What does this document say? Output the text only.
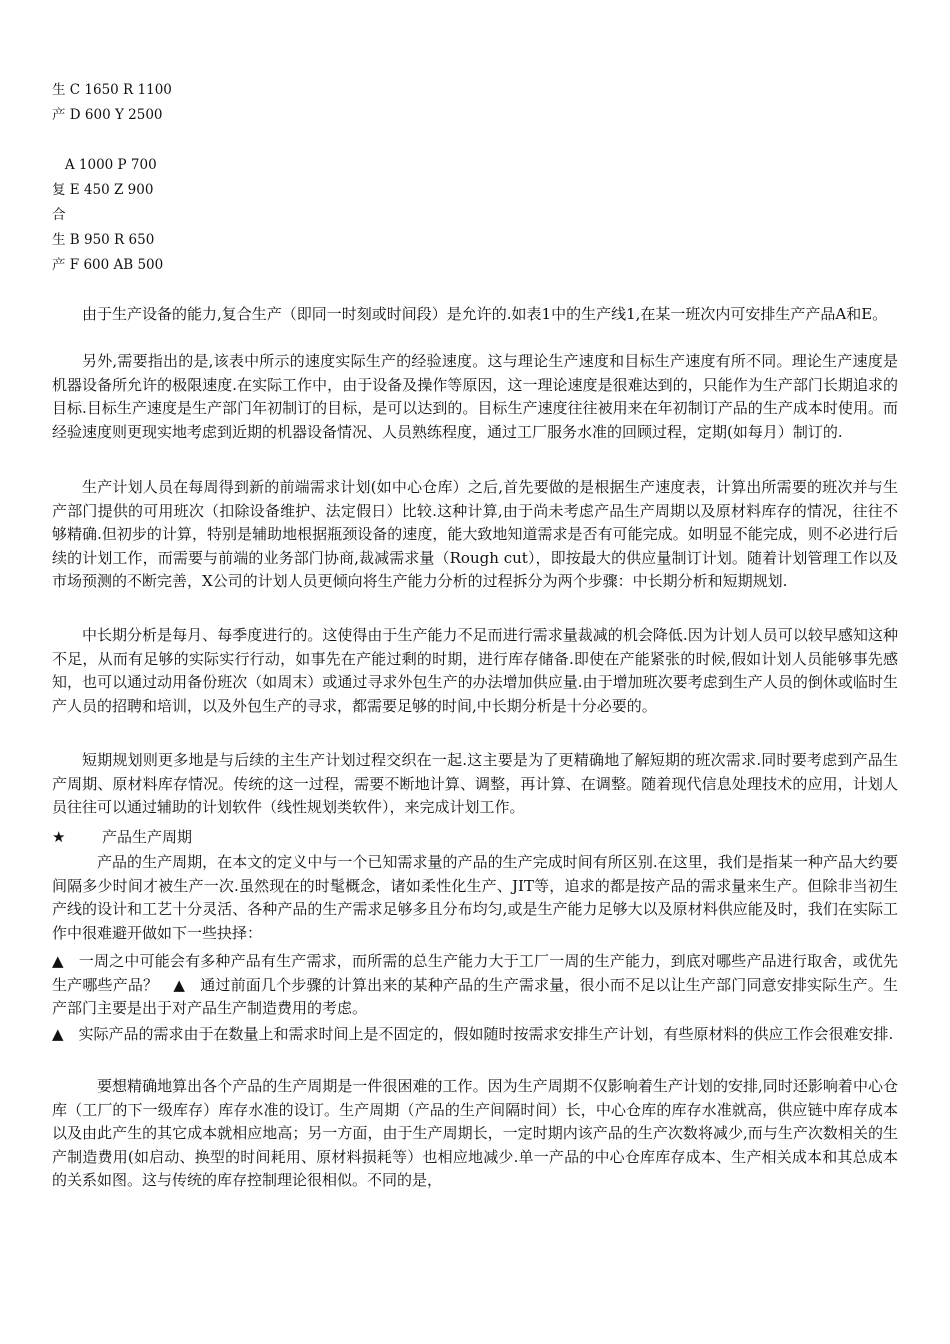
生 C 1650 R 1100
产 D 600 Y 2500
A 1000 P 700
复 E 450 Z 900
合
生 B 950 R 650
产 F 600 AB 500

由于生产设备的能力,复合生产（即同一时刻或时间段）是允许的.如表1中的生产线1,在某一班次内可安排生产产品A和E。

另外,需要指出的是,该表中所示的速度实际生产的经验速度。这与理论生产速度和目标生产速度有所不同。理论生产速度是机器设备所允许的极限速度.在实际工作中，由于设备及操作等原因，这一理论速度是很难达到的，只能作为生产部门长期追求的目标.目标生产速度是生产部门年初制订的目标，是可以达到的。目标生产速度往往被用来在年初制订产品的生产成本时使用。而经验速度则更现实地考虑到近期的机器设备情况、人员熟练程度，通过工厂服务水准的回顾过程，定期(如每月）制订的.

生产计划人员在每周得到新的前端需求计划(如中心仓库）之后,首先要做的是根据生产速度表，计算出所需要的班次并与生产部门提供的可用班次（扣除设备维护、法定假日）比较.这种计算,由于尚未考虑产品生产周期以及原材料库存的情况，往往不够精确.但初步的计算，特别是辅助地根据瓶颈设备的速度，能大致地知道需求是否有可能完成。如明显不能完成，则不必进行后续的计划工作，而需要与前端的业务部门协商,裁减需求量（Rough cut），即按最大的供应量制订计划。随着计划管理工作以及市场预测的不断完善，X公司的计划人员更倾向将生产能力分析的过程拆分为两个步骤：中长期分析和短期规划.

中长期分析是每月、每季度进行的。这使得由于生产能力不足而进行需求量裁减的机会降低.因为计划人员可以较早感知这种不足，从而有足够的实际实行行动，如事先在产能过剩的时期，进行库存储备.即使在产能紧张的时候,假如计划人员能够事先感知，也可以通过动用备份班次（如周末）或通过寻求外包生产的办法增加供应量.由于增加班次要考虑到生产人员的倒休或临时生产人员的招聘和培训，以及外包生产的寻求，都需要足够的时间,中长期分析是十分必要的。

短期规划则更多地是与后续的主生产计划过程交织在一起.这主要是为了更精确地了解短期的班次需求.同时要考虑到产品生产周期、原材料库存情况。传统的这一过程，需要不断地计算、调整，再计算、在调整。随着现代信息处理技术的应用，计划人员往往可以通过辅助的计划软件（线性规划类软件），来完成计划工作。

★ 产品生产周期

产品的生产周期，在本文的定义中与一个已知需求量的产品的生产完成时间有所区别.在这里，我们是指某一种产品大约要间隔多少时间才被生产一次.虽然现在的时髦概念，诸如柔性化生产、JIT等，追求的都是按产品的需求量来生产。但除非当初生产线的设计和工艺十分灵活、各种产品的生产需求足够多且分布均匀,或是生产能力足够大以及原材料供应能及时，我们在实际工作中很难避开做如下一些抉择：

▲　一周之中可能会有多种产品有生产需求，而所需的总生产能力大于工厂一周的生产能力，到底对哪些产品进行取舍，或优先生产哪些产品？　▲　通过前面几个步骤的计算出来的某种产品的生产需求量，很小而不足以让生产部门同意安排实际生产。生产部门主要是出于对产品生产制造费用的考虑。

▲　实际产品的需求由于在数量上和需求时间上是不固定的，假如随时按需求安排生产计划，有些原材料的供应工作会很难安排.

要想精确地算出各个产品的生产周期是一件很困难的工作。因为生产周期不仅影响着生产计划的安排,同时还影响着中心仓库（工厂的下一级库存）库存水准的设订。生产周期（产品的生产间隔时间）长，中心仓库的库存水准就高，供应链中库存成本以及由此产生的其它成本就相应地高；另一方面，由于生产周期长，一定时期内该产品的生产次数将减少,而与生产次数相关的生产制造费用(如启动、换型的时间耗用、原材料损耗等）也相应地减少.单一产品的中心仓库库存成本、生产相关成本和其总成本的关系如图。这与传统的库存控制理论很相似。不同的是，
